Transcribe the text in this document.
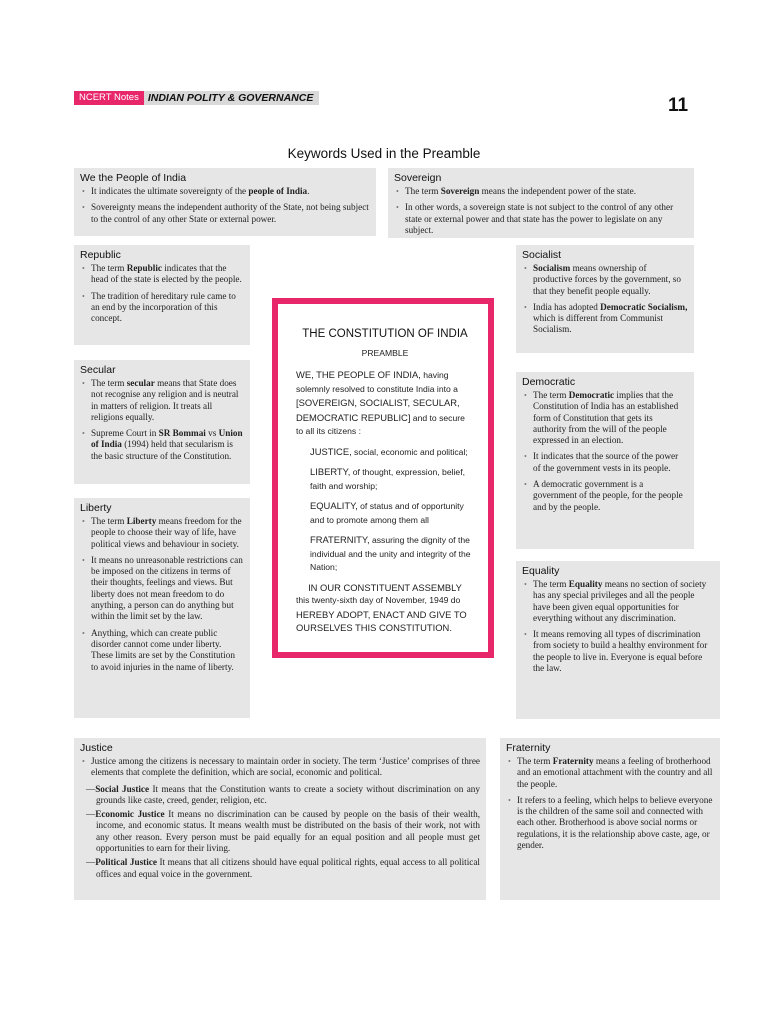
NCERT Notes INDIAN POLITY & GOVERNANCE	11
Keywords Used in the Preamble
We the People of India
• It indicates the ultimate sovereignty of the people of India.
• Sovereignty means the independent authority of the State, not being subject to the control of any other State or external power.
Sovereign
• The term Sovereign means the independent power of the state.
• In other words, a sovereign state is not subject to the control of any other state or external power and that state has the power to legislate on any subject.
Republic
• The term Republic indicates that the head of the state is elected by the people.
• The tradition of hereditary rule came to an end by the incorporation of this concept.
Socialist
• Socialism means ownership of productive forces by the government, so that they benefit people equally.
• India has adopted Democratic Socialism, which is different from Communist Socialism.
Secular
• The term secular means that State does not recognise any religion and is neutral in matters of religion. It treats all religions equally.
• Supreme Court in SR Bommai vs Union of India (1994) held that secularism is the basic structure of the Constitution.
Democratic
• The term Democratic implies that the Constitution of India has an established form of Constitution that gets its authority from the will of the people expressed in an election.
• It indicates that the source of the power of the government vests in its people.
• A democratic government is a government of the people, for the people and by the people.
Liberty
• The term Liberty means freedom for the people to choose their way of life, have political views and behaviour in society.
• It means no unreasonable restrictions can be imposed on the citizens in terms of their thoughts, feelings and views. But liberty does not mean freedom to do anything, a person can do anything but within the limit set by the law.
• Anything, which can create public disorder cannot come under liberty. These limits are set by the Constitution to avoid injuries in the name of liberty.
Equality
• The term Equality means no section of society has any special privileges and all the people have been given equal opportunities for everything without any discrimination.
• It means removing all types of discrimination from society to build a healthy environment for the people to live in. Everyone is equal before the law.
THE CONSTITUTION OF INDIA
PREAMBLE

WE, THE PEOPLE OF INDIA, having solemnly resolved to constitute India into a

[SOVEREIGN, SOCIALIST, SECULAR, DEMOCRATIC REPUBLIC] and to secure to all its citizens :

JUSTICE, social, economic and political;

LIBERTY, of thought, expression, belief, faith and worship;

EQUALITY, of status and of opportunity and to promote among them all

FRATERNITY, assuring the dignity of the individual and the unity and integrity of the Nation;

IN OUR CONSTITUENT ASSEMBLY

this twenty-sixth day of November, 1949 do

HEREBY ADOPT, ENACT AND GIVE TO OURSELVES THIS CONSTITUTION.

Justice
• Justice among the citizens is necessary to maintain order in society. The term ‘Justice’ comprises of three elements that complete the definition, which are social, economic and political.

—Social Justice It means that the Constitution wants to create a society without discrimination on any grounds like caste, creed, gender, religion, etc.

—Economic Justice It means no discrimination can be caused by people on the basis of their wealth, income, and economic status. It means wealth must be distributed on the basis of their work, not with any other reason. Every person must be paid equally for an equal position and all people must get opportunities to earn for their living.

—Political Justice It means that all citizens should have equal political rights, equal access to all political offices and equal voice in the government.

Fraternity
• The term Fraternity means a feeling of brotherhood and an emotional attachment with the country and all the people.
• It refers to a feeling, which helps to believe everyone is the children of the same soil and connected with each other. Brotherhood is above social norms or regulations, it is the relationship above caste, age, or gender.
